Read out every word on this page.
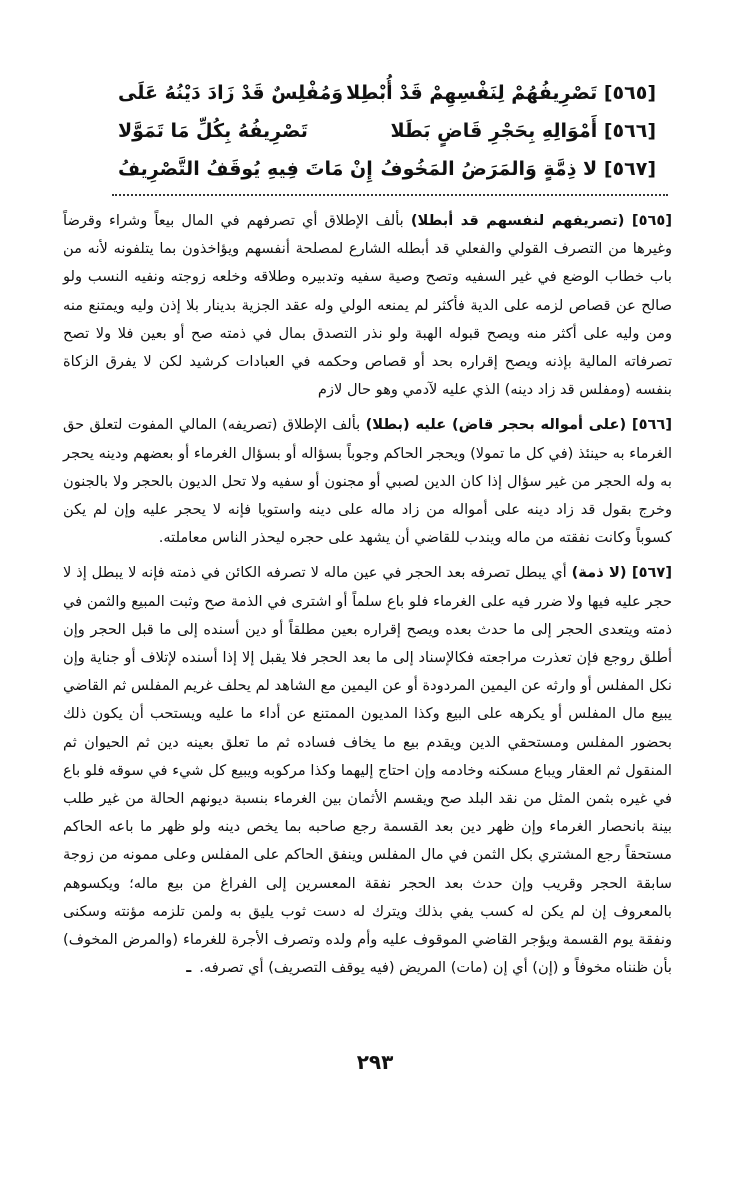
[٥٦٥] تَصْرِيفُهُمْ لِنَفْسِهِمْ قَدْ أُبْطِلا
وَمُفْلِسٌ قَدْ زَادَ دَيْنُهُ عَلَى
[٥٦٦] أَمْوَالِهِ بِحَجْرِ قَاضٍ بَطَلا
تَصْرِيفُهُ بِكُلِّ مَا تَمَوَّلا
[٥٦٧] لا ذِمَّةٍ وَالمَرَضُ المَخُوفُ
إِنْ مَاتَ فِيهِ يُوقَفُ التَّصْرِيفُ

[٥٦٥] (تصريفهم لنفسهم قد أبطلا) بألف الإطلاق أي تصرفهم في المال بيعاً وشراء وقرضاً وغيرها من التصرف القولي والفعلي قد أبطله الشارع لمصلحة أنفسهم ويؤاخذون بما يتلفونه لأنه من باب خطاب الوضع في غير السفيه وتصح وصية سفيه وتدبيره وطلاقه وخلعه زوجته ونفيه النسب ولو صالح عن قصاص لزمه على الدية فأكثر لم يمنعه الولي وله عقد الجزية بدينار بلا إذن وليه ويمتنع منه ومن وليه على أكثر منه ويصح قبوله الهبة ولو نذر التصدق بمال في ذمته صح أو بعين فلا ولا تصح تصرفاته المالية بإذنه ويصح إقراره بحد أو قصاص وحكمه في العبادات كرشيد لكن لا يفرق الزكاة بنفسه (ومفلس قد زاد دينه) الذي عليه لآدمي وهو حال لازم

[٥٦٦] (على أمواله بحجر قاض) عليه (بطلا) بألف الإطلاق (تصريفه) المالي المفوت لتعلق حق الغرماء به حينئذ (في كل ما تمولا) ويحجر الحاكم وجوباً بسؤاله أو بسؤال الغرماء أو بعضهم ودينه يحجر به وله الحجر من غير سؤال إذا كان الدين لصبي أو مجنون أو سفيه ولا تحل الديون بالحجر ولا بالجنون وخرج بقول قد زاد دينه على أمواله من زاد ماله على دينه واستويا فإنه لا يحجر عليه وإن لم يكن كسوباً وكانت نفقته من ماله ويندب للقاضي أن يشهد على حجره ليحذر الناس معاملته.

[٥٦٧] (لا ذمة) أي يبطل تصرفه بعد الحجر في عين ماله لا تصرفه الكائن في ذمته فإنه لا يبطل إذ لا حجر عليه فيها ولا ضرر فيه على الغرماء فلو باع سلماً أو اشترى في الذمة صح وثبت المبيع والثمن في ذمته ويتعدى الحجر إلى ما حدث بعده ويصح إقراره بعين مطلقاً أو دين أسنده إلى ما قبل الحجر وإن أطلق روجع فإن تعذرت مراجعته فكالإسناد إلى ما بعد الحجر فلا يقبل إلا إذا أسنده لإتلاف أو جناية وإن نكل المفلس أو وارثه عن اليمين المردودة أو عن اليمين مع الشاهد لم يحلف غريم المفلس ثم القاضي يبيع مال المفلس أو يكرهه على البيع وكذا المديون الممتنع عن أداء ما عليه ويستحب أن يكون ذلك بحضور المفلس ومستحقي الدين ويقدم بيع ما يخاف فساده ثم ما تعلق بعينه دين ثم الحيوان ثم المنقول ثم العقار ويباع مسكنه وخادمه وإن احتاج إليهما وكذا مركوبه ويبيع كل شيء في سوقه فلو باع في غيره بثمن المثل من نقد البلد صح ويقسم الأثمان بين الغرماء بنسبة ديونهم الحالة من غير طلب بينة بانحصار الغرماء وإن ظهر دين بعد القسمة رجع صاحبه بما يخص دينه ولو ظهر ما باعه الحاكم مستحقاً رجع المشتري بكل الثمن في مال المفلس وينفق الحاكم على المفلس وعلى ممونه من زوجة سابقة الحجر وقريب وإن حدث بعد الحجر نفقة المعسرين إلى الفراغ من بيع ماله؛ ويكسوهم بالمعروف إن لم يكن له كسب يفي بذلك ويترك له دست ثوب يليق به ولمن تلزمه مؤنته وسكنى ونفقة يوم القسمة ويؤجر القاضي الموقوف عليه وأم ولده وتصرف الأجرة للغرماء (والمرض المخوف) بأن ظنناه مخوفاً و (إن) أي إن (مات) المريض (فيه يوقف التصريف) أي تصرفه.ـ

٢٩٣
